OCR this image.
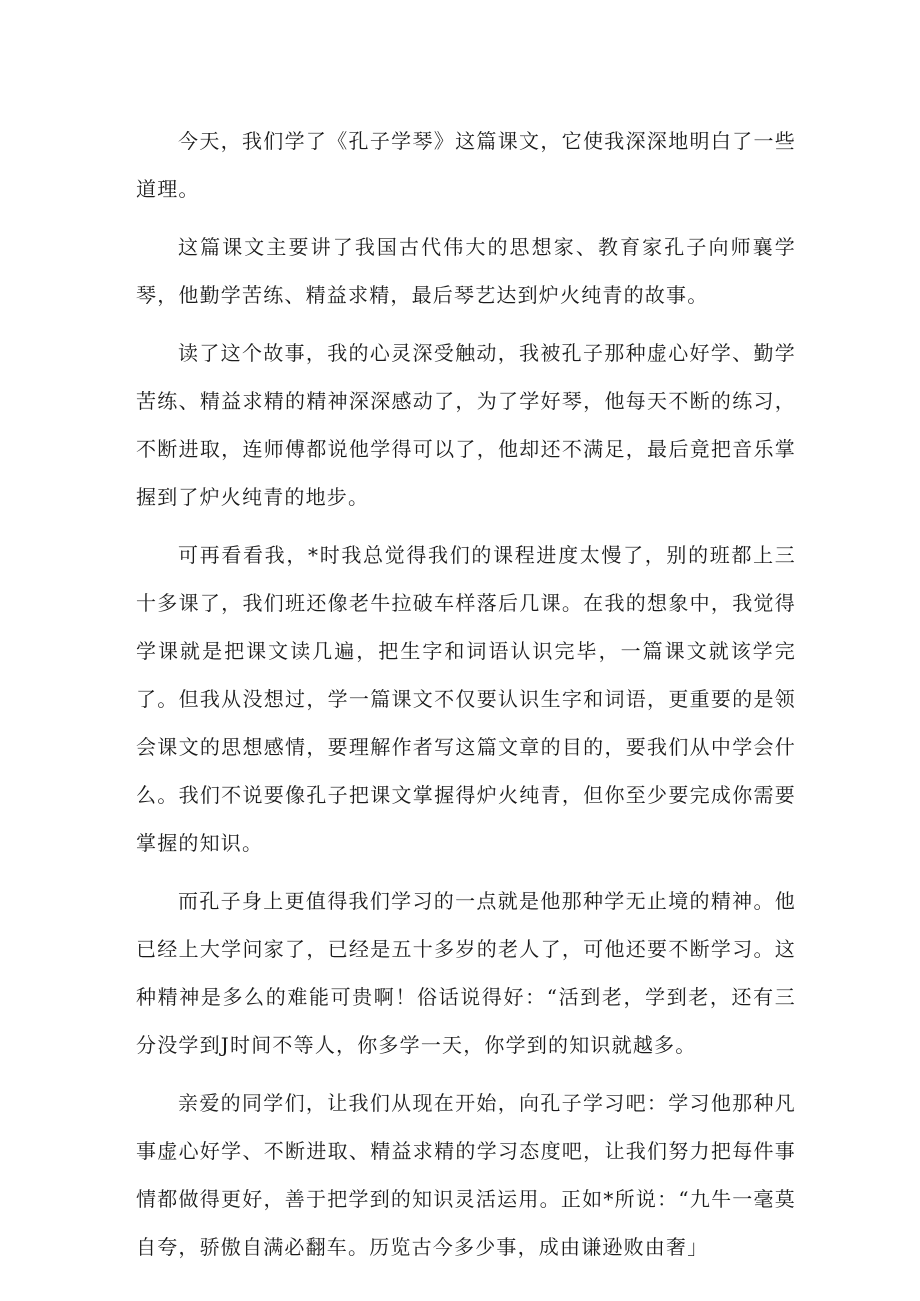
今天，我们学了《孔子学琴》这篇课文，它使我深深地明白了一些道理。

这篇课文主要讲了我国古代伟大的思想家、教育家孔子向师襄学琴，他勤学苦练、精益求精，最后琴艺达到炉火纯青的故事。

读了这个故事，我的心灵深受触动，我被孔子那种虚心好学、勤学苦练、精益求精的精神深深感动了，为了学好琴，他每天不断的练习，不断进取，连师傅都说他学得可以了，他却还不满足，最后竟把音乐掌握到了炉火纯青的地步。

可再看看我，*时我总觉得我们的课程进度太慢了，别的班都上三十多课了，我们班还像老牛拉破车样落后几课。在我的想象中，我觉得学课就是把课文读几遍，把生字和词语认识完毕，一篇课文就该学完了。但我从没想过，学一篇课文不仅要认识生字和词语，更重要的是领会课文的思想感情，要理解作者写这篇文章的目的，要我们从中学会什么。我们不说要像孔子把课文掌握得炉火纯青，但你至少要完成你需要掌握的知识。

而孔子身上更值得我们学习的一点就是他那种学无止境的精神。他已经上大学问家了，已经是五十多岁的老人了，可他还要不断学习。这种精神是多么的难能可贵啊！俗话说得好：“活到老，学到老，还有三分没学到J时间不等人，你多学一天，你学到的知识就越多。

亲爱的同学们，让我们从现在开始，向孔子学习吧：学习他那种凡事虚心好学、不断进取、精益求精的学习态度吧，让我们努力把每件事情都做得更好，善于把学到的知识灵活运用。正如*所说：“九牛一毫莫自夸，骄傲自满必翻车。历览古今多少事，成由谦逊败由奢」
